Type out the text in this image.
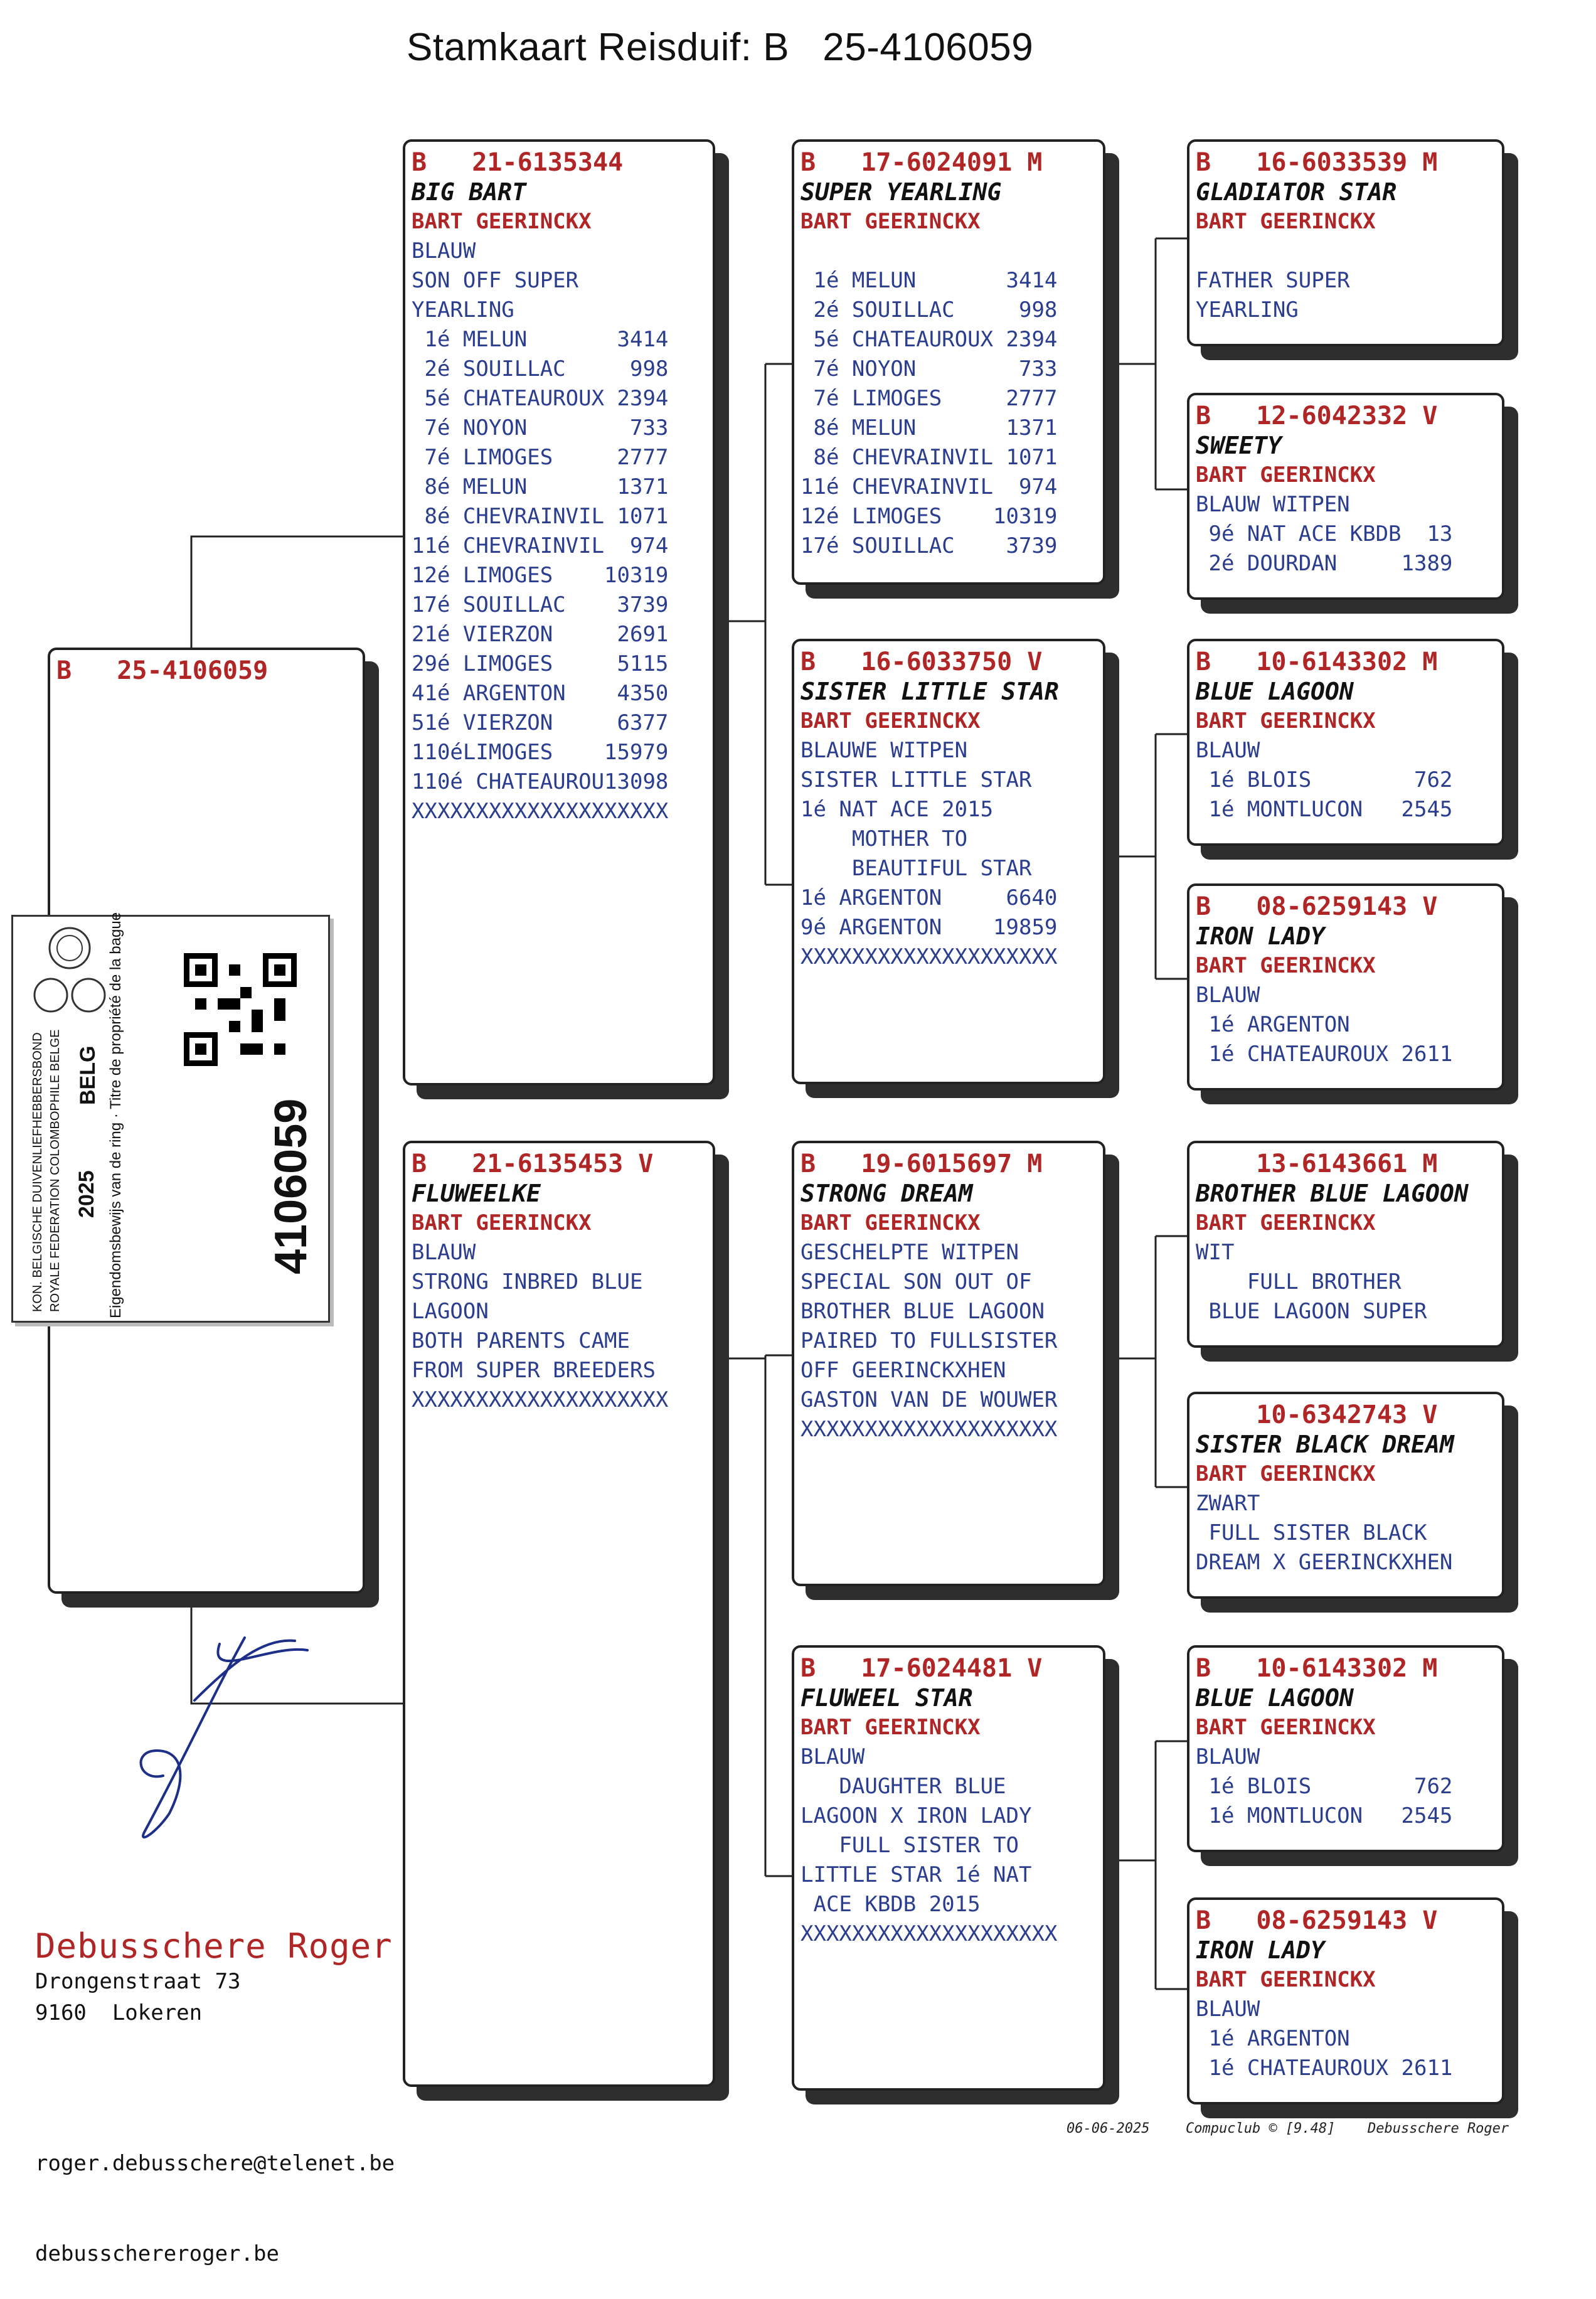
Stamkaart Reisduif: B   25-4106059
B   25-4106059
KON. BELGISCHE DUIVENLIEFHEBBERSBOND ROYALE FEDERATION COLOMBOPHILE BELGE	Eigendomsbewijs van de ring · Titre de propriété de la bague
2025
BELG
4106059
B   21-6135344
BIG BART
BART GEERINCKX
BLAUW
SON OFF SUPER
YEARLING
1é MELUN       3414
2é SOUILLAC     998
5é CHATEAUROUX 2394
7é NOYON        733
7é LIMOGES     2777
8é MELUN       1371
8é CHEVRAINVIL 1071
11é CHEVRAINVIL  974
12é LIMOGES    10319
17é SOUILLAC    3739
21é VIERZON     2691
29é LIMOGES     5115
41é ARGENTON    4350
51é VIERZON     6377
110éLIMOGES    15979
110é CHATEAUROU13098
XXXXXXXXXXXXXXXXXXXX
B   21-6135453 V
FLUWEELKE
BART GEERINCKX
BLAUW
STRONG INBRED BLUE
LAGOON
BOTH PARENTS CAME
FROM SUPER BREEDERS
XXXXXXXXXXXXXXXXXXXX
B   17-6024091 M
SUPER YEARLING
BART GEERINCKX
1é MELUN       3414
2é SOUILLAC     998
5é CHATEAUROUX 2394
7é NOYON        733
7é LIMOGES     2777
8é MELUN       1371
8é CHEVRAINVIL 1071
11é CHEVRAINVIL  974
12é LIMOGES    10319
17é SOUILLAC    3739
B   16-6033750 V
SISTER LITTLE STAR
BART GEERINCKX
BLAUWE WITPEN
SISTER LITTLE STAR
1é NAT ACE 2015
MOTHER TO
BEAUTIFUL STAR
1é ARGENTON     6640
9é ARGENTON    19859
XXXXXXXXXXXXXXXXXXXX
B   19-6015697 M
STRONG DREAM
BART GEERINCKX
GESCHELPTE WITPEN
SPECIAL SON OUT OF
BROTHER BLUE LAGOON
PAIRED TO FULLSISTER
OFF GEERINCKXHEN
GASTON VAN DE WOUWER
XXXXXXXXXXXXXXXXXXXX
B   17-6024481 V
FLUWEEL STAR
BART GEERINCKX
BLAUW
DAUGHTER BLUE
LAGOON X IRON LADY
FULL SISTER TO
LITTLE STAR 1é NAT
ACE KBDB 2015
XXXXXXXXXXXXXXXXXXXX
B   16-6033539 M
GLADIATOR STAR
BART GEERINCKX
FATHER SUPER
YEARLING
B   12-6042332 V
SWEETY
BART GEERINCKX
BLAUW WITPEN
9é NAT ACE KBDB  13
2é DOURDAN     1389
B   10-6143302 M
BLUE LAGOON
BART GEERINCKX
BLAUW
1é BLOIS        762
1é MONTLUCON   2545
B   08-6259143 V
IRON LADY
BART GEERINCKX
BLAUW
1é ARGENTON
1é CHATEAUROUX 2611
13-6143661 M
BROTHER BLUE LAGOON
BART GEERINCKX
WIT
FULL BROTHER
BLUE LAGOON SUPER
10-6342743 V
SISTER BLACK DREAM
BART GEERINCKX
ZWART
FULL SISTER BLACK
DREAM X GEERINCKXHEN
B   10-6143302 M
BLUE LAGOON
BART GEERINCKX
BLAUW
1é BLOIS        762
1é MONTLUCON   2545
B   08-6259143 V
IRON LADY
BART GEERINCKX
BLAUW
1é ARGENTON
1é CHATEAUROUX 2611
Debusschere Roger
Drongenstraat 73
9160  Lokeren

roger.debusschere@telenet.be

debusschereroger.be

06-06-2025	Compuclub © [9.48] Debusschere Roger
